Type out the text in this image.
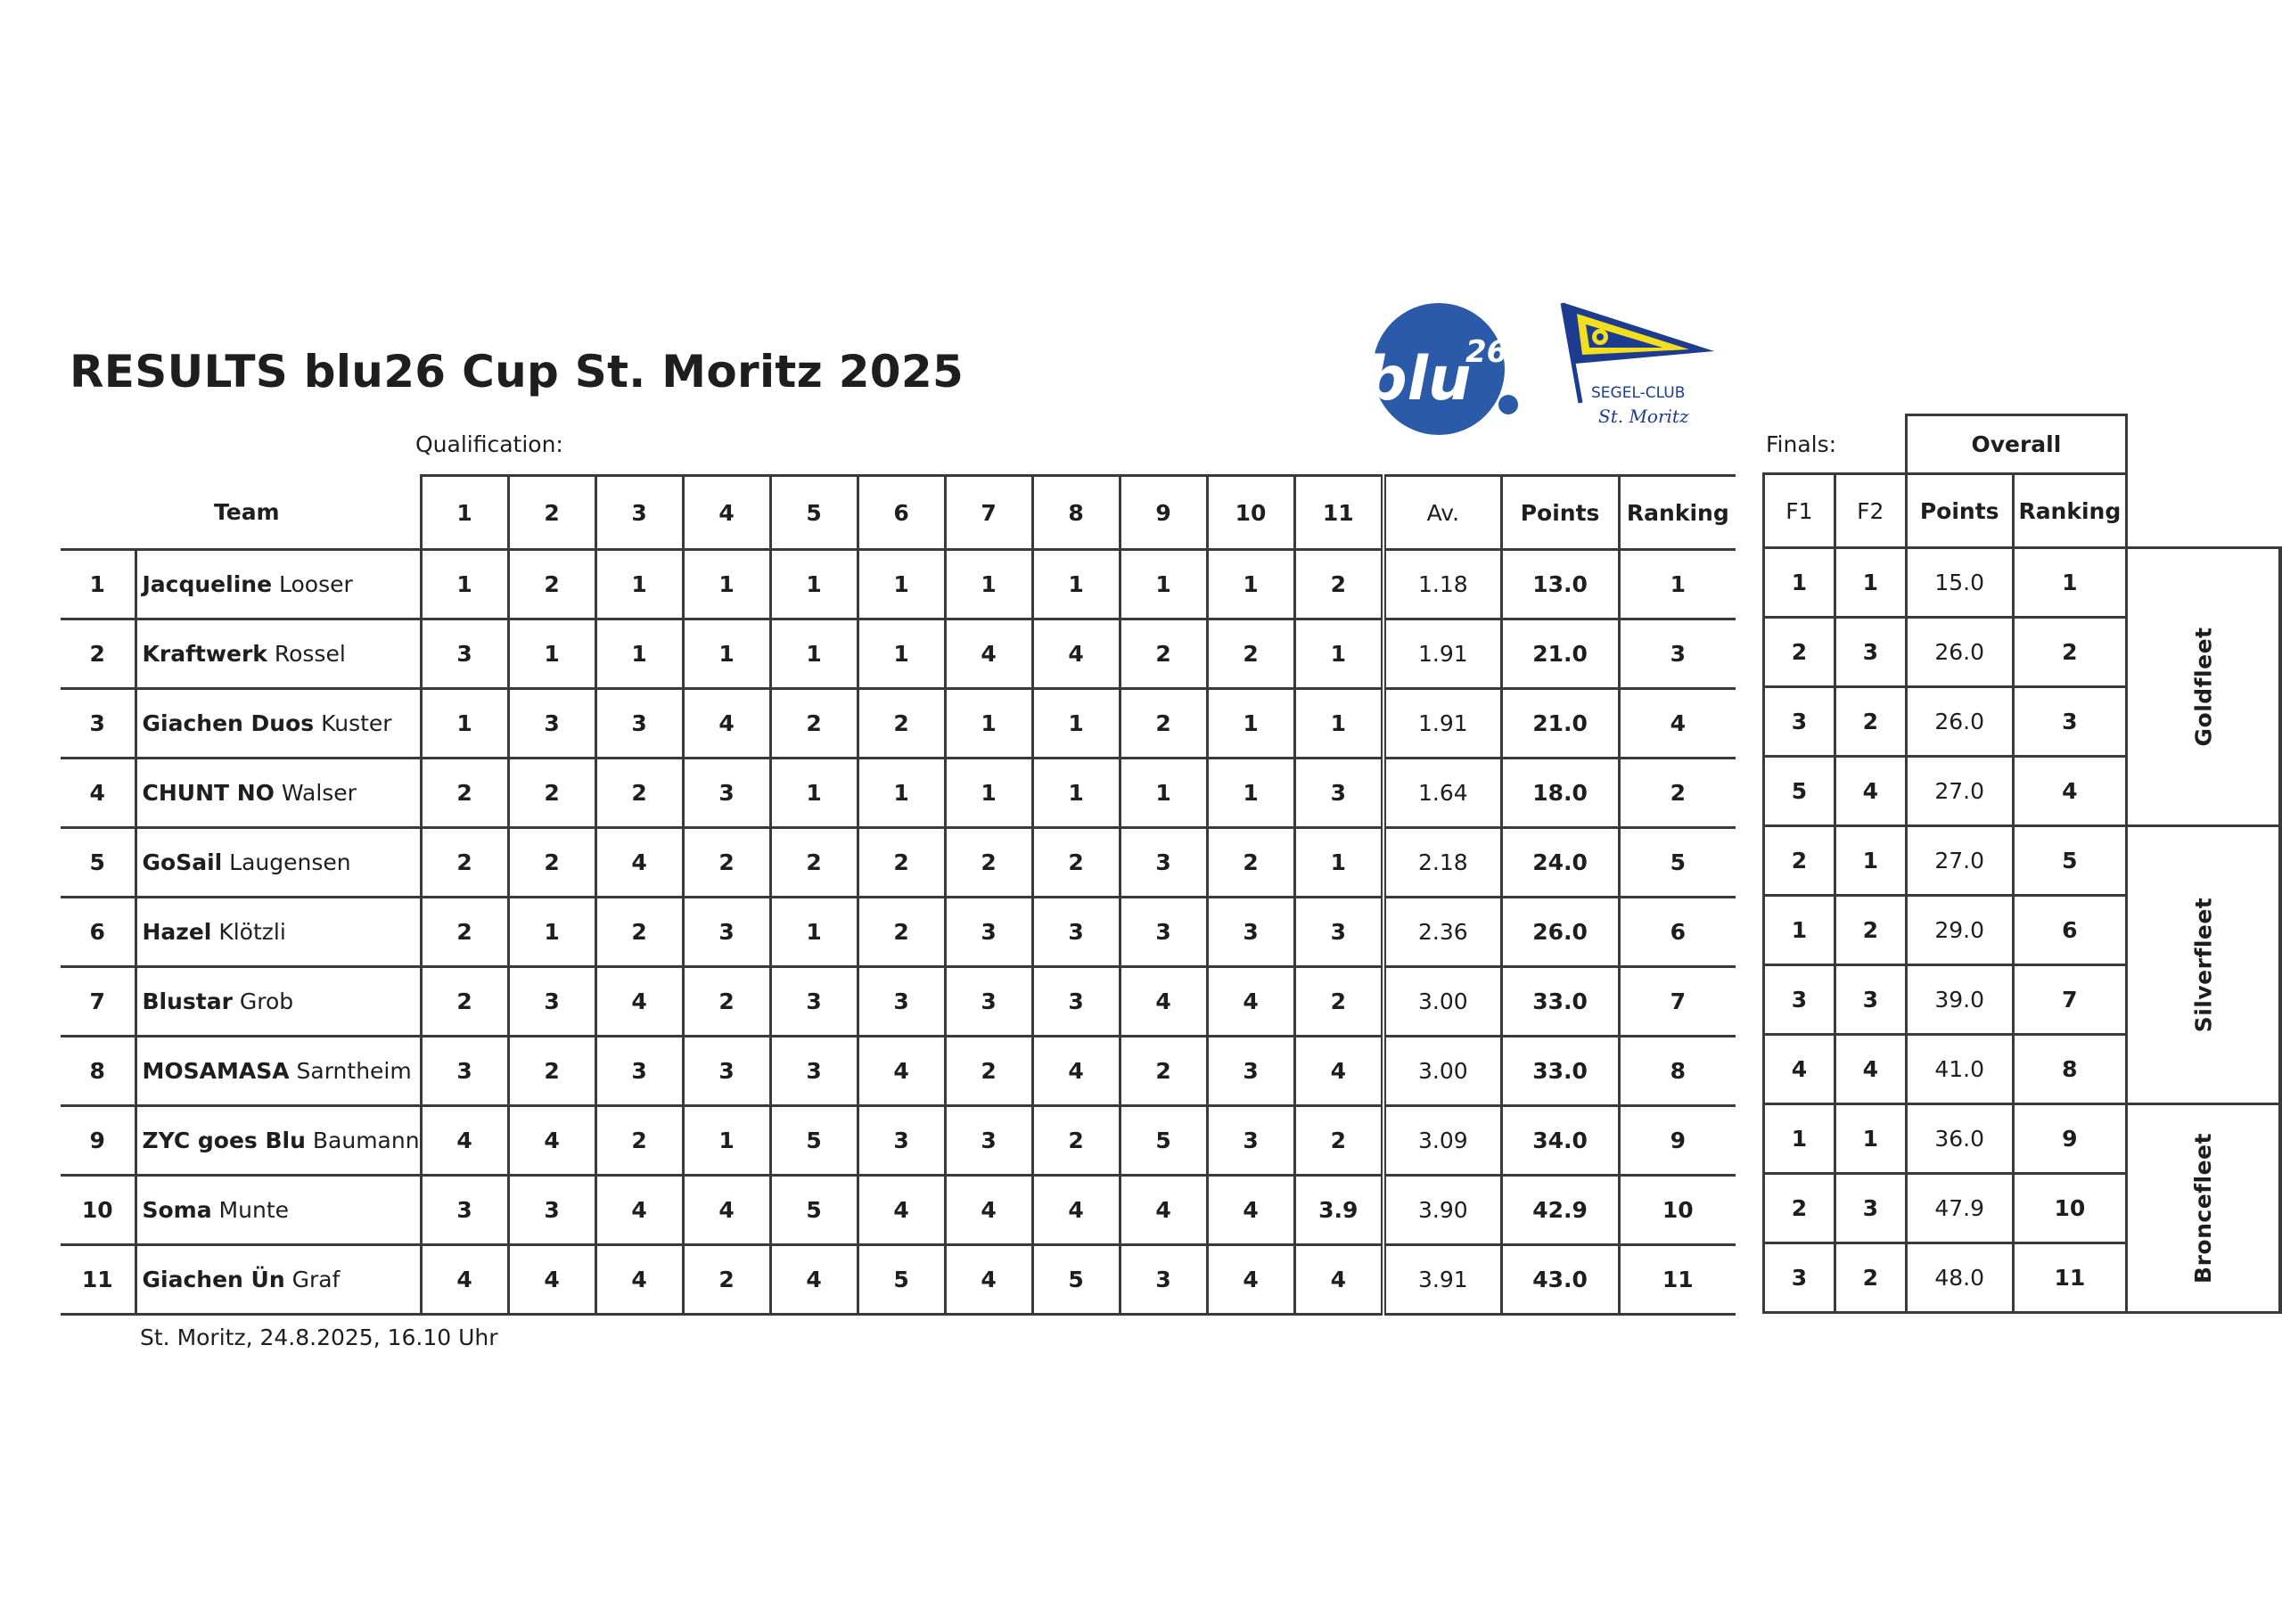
RESULTS blu26 Cup St. Moritz 2025	blu
26
SEGEL-CLUB
St. Moritz
Qualification:	Finals:
	Team	1	2	3	4	5	6	7	8	9	10	11	Av.	Points	Ranking
1	Jacqueline Looser	1	2	1	1	1	1	1	1	1	1	2	1.18	13.0	1
2	Kraftwerk Rossel	3	1	1	1	1	1	4	4	2	2	1	1.91	21.0	3
3	Giachen Duos Kuster	1	3	3	4	2	2	1	1	2	1	1	1.91	21.0	4
4	CHUNT NO Walser	2	2	2	3	1	1	1	1	1	1	3	1.64	18.0	2
5	GoSail Laugensen	2	2	4	2	2	2	2	2	3	2	1	2.18	24.0	5
6	Hazel Klötzli	2	1	2	3	1	2	3	3	3	3	3	2.36	26.0	6
7	Blustar Grob	2	3	4	2	3	3	3	3	4	4	2	3.00	33.0	7
8	MOSAMASA Sarntheim	3	2	3	3	3	4	2	4	2	3	4	3.00	33.0	8
9	ZYC goes Blu Baumann	4	4	2	1	5	3	3	2	5	3	2	3.09	34.0	9
10	Soma Munte	3	3	4	4	5	4	4	4	4	4	3.9	3.90	42.9	10
11	Giachen Ün Graf	4	4	4	2	4	5	4	5	3	4	4	3.91	43.0	11
		Overall		
F1	F2	Points	Ranking	
1	1	15.0	1	Goldfleet
2	3	26.0	2	
3	2	26.0	3	
5	4	27.0	4	
2	1	27.0	5	Silverfleet
1	2	29.0	6	
3	3	39.0	7	
4	4	41.0	8	
1	1	36.0	9	Broncefleet
2	3	47.9	10	
3	2	48.0	11	
St. Moritz, 24.8.2025, 16.10 Uhr
